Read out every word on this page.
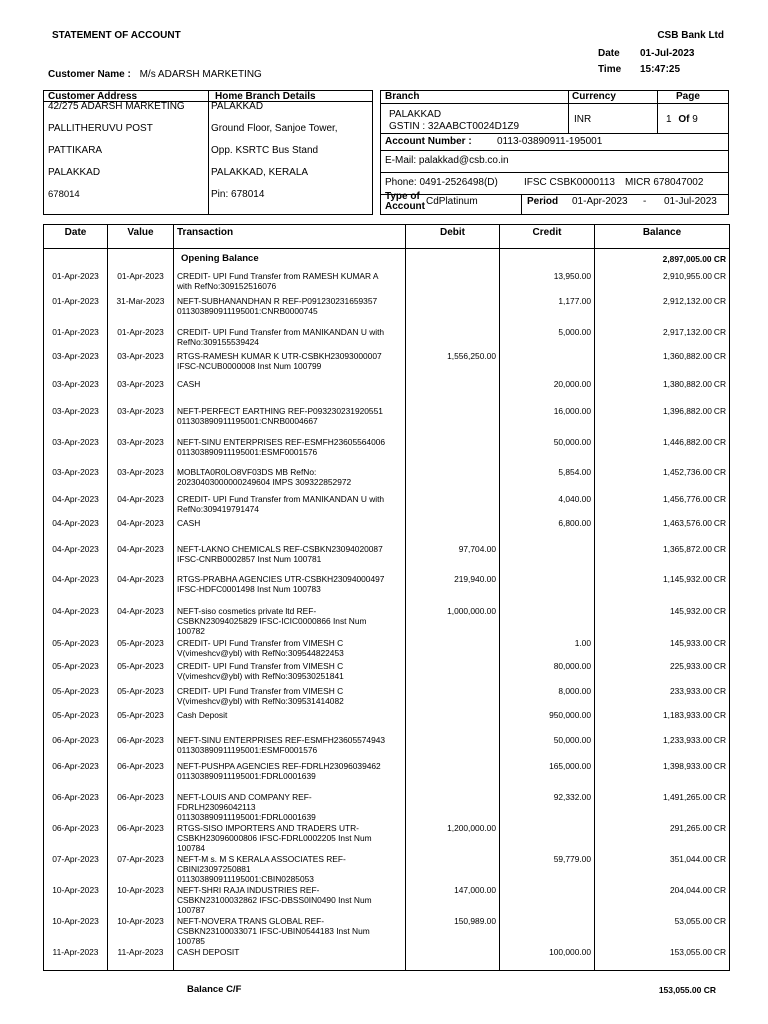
STATEMENT OF ACCOUNT	CSB Bank Ltd
Date 01-Jul-2023
Time 15:47:25
Customer Name : M/s ADARSH MARKETING
Customer Address
42/275 ADARSH MARKETING
PALLITHERUVU POST
PATTIKARA
PALAKKAD
678014
Home Branch Details
PALAKKAD
Ground Floor, Sanjoe Tower,
Opp. KSRTC Bus Stand
PALAKKAD, KERALA
Pin: 678014
Branch	Currency	Page
PALAKKAD
GSTIN : 32AABCT0024D1Z9
INR	1 Of 9
Account Number :	0113-03890911-195001
E-Mail: palakkad@csb.co.in
Phone: 0491-2526498(D)	IFSC CSBK0000113 MICR 678047002
Type of Account CdPlatinum	Period 01-Apr-2023 - 01-Jul-2023
Date	Value	Transaction	Debit	Credit	Balance
		Opening Balance			2,897,005.00 CR
01-Apr-2023	01-Apr-2023	CREDIT- UPI Fund Transfer from RAMESH KUMAR A
with RefNo:309152516076		13,950.00	2,910,955.00 CR
01-Apr-2023	31-Mar-2023	NEFT-SUBHANANDHAN R REF-P091230231659357
011303890911195001:CNRB0000745		1,177.00	2,912,132.00 CR
01-Apr-2023	01-Apr-2023	CREDIT- UPI Fund Transfer from MANIKANDAN U with
RefNo:309155539424		5,000.00	2,917,132.00 CR
03-Apr-2023	03-Apr-2023	RTGS-RAMESH KUMAR K UTR-CSBKH23093000007
IFSC-NCUB0000008 Inst Num 100799	1,556,250.00		1,360,882.00 CR
03-Apr-2023	03-Apr-2023	CASH		20,000.00	1,380,882.00 CR
03-Apr-2023	03-Apr-2023	NEFT-PERFECT EARTHING REF-P093230231920551
011303890911195001:CNRB0004667		16,000.00	1,396,882.00 CR
03-Apr-2023	03-Apr-2023	NEFT-SINU ENTERPRISES REF-ESMFH23605564006
011303890911195001:ESMF0001576		50,000.00	1,446,882.00 CR
03-Apr-2023	03-Apr-2023	MOBLTA0R0LO8VF03DS MB RefNo:
20230403000000249604 IMPS 309322852972		5,854.00	1,452,736.00 CR
04-Apr-2023	04-Apr-2023	CREDIT- UPI Fund Transfer from MANIKANDAN U with
RefNo:309419791474		4,040.00	1,456,776.00 CR
04-Apr-2023	04-Apr-2023	CASH		6,800.00	1,463,576.00 CR
04-Apr-2023	04-Apr-2023	NEFT-LAKNO CHEMICALS REF-CSBKN23094020087
IFSC-CNRB0002857 Inst Num 100781	97,704.00		1,365,872.00 CR
04-Apr-2023	04-Apr-2023	RTGS-PRABHA AGENCIES UTR-CSBKH23094000497
IFSC-HDFC0001498 Inst Num 100783	219,940.00		1,145,932.00 CR
04-Apr-2023	04-Apr-2023	NEFT-siso cosmetics private ltd REF-
CSBKN23094025829 IFSC-ICIC0000866 Inst Num
100782	1,000,000.00		145,932.00 CR
05-Apr-2023	05-Apr-2023	CREDIT- UPI Fund Transfer from VIMESH C
V(vimeshcv@ybl) with RefNo:309544822453		1.00	145,933.00 CR
05-Apr-2023	05-Apr-2023	CREDIT- UPI Fund Transfer from VIMESH C
V(vimeshcv@ybl) with RefNo:309530251841		80,000.00	225,933.00 CR
05-Apr-2023	05-Apr-2023	CREDIT- UPI Fund Transfer from VIMESH C
V(vimeshcv@ybl) with RefNo:309531414082		8,000.00	233,933.00 CR
05-Apr-2023	05-Apr-2023	Cash Deposit		950,000.00	1,183,933.00 CR
06-Apr-2023	06-Apr-2023	NEFT-SINU ENTERPRISES REF-ESMFH23605574943
011303890911195001:ESMF0001576		50,000.00	1,233,933.00 CR
06-Apr-2023	06-Apr-2023	NEFT-PUSHPA AGENCIES REF-FDRLH23096039462
011303890911195001:FDRL0001639		165,000.00	1,398,933.00 CR
06-Apr-2023	06-Apr-2023	NEFT-LOUIS AND COMPANY REF-
FDRLH23096042113
011303890911195001:FDRL0001639		92,332.00	1,491,265.00 CR
06-Apr-2023	06-Apr-2023	RTGS-SISO IMPORTERS AND TRADERS UTR-
CSBKH23096000806 IFSC-FDRL0002205 Inst Num
100784	1,200,000.00		291,265.00 CR
07-Apr-2023	07-Apr-2023	NEFT-M s. M S KERALA ASSOCIATES REF-
CBINI23097250881
011303890911195001:CBIN0285053		59,779.00	351,044.00 CR
10-Apr-2023	10-Apr-2023	NEFT-SHRI RAJA INDUSTRIES REF-
CSBKN23100032862 IFSC-DBSS0IN0490 Inst Num
100787	147,000.00		204,044.00 CR
10-Apr-2023	10-Apr-2023	NEFT-NOVERA TRANS GLOBAL REF-
CSBKN23100033071 IFSC-UBIN0544183 Inst Num
100785	150,989.00		53,055.00 CR
11-Apr-2023	11-Apr-2023	CASH DEPOSIT		100,000.00	153,055.00 CR
Balance C/F	153,055.00 CR
